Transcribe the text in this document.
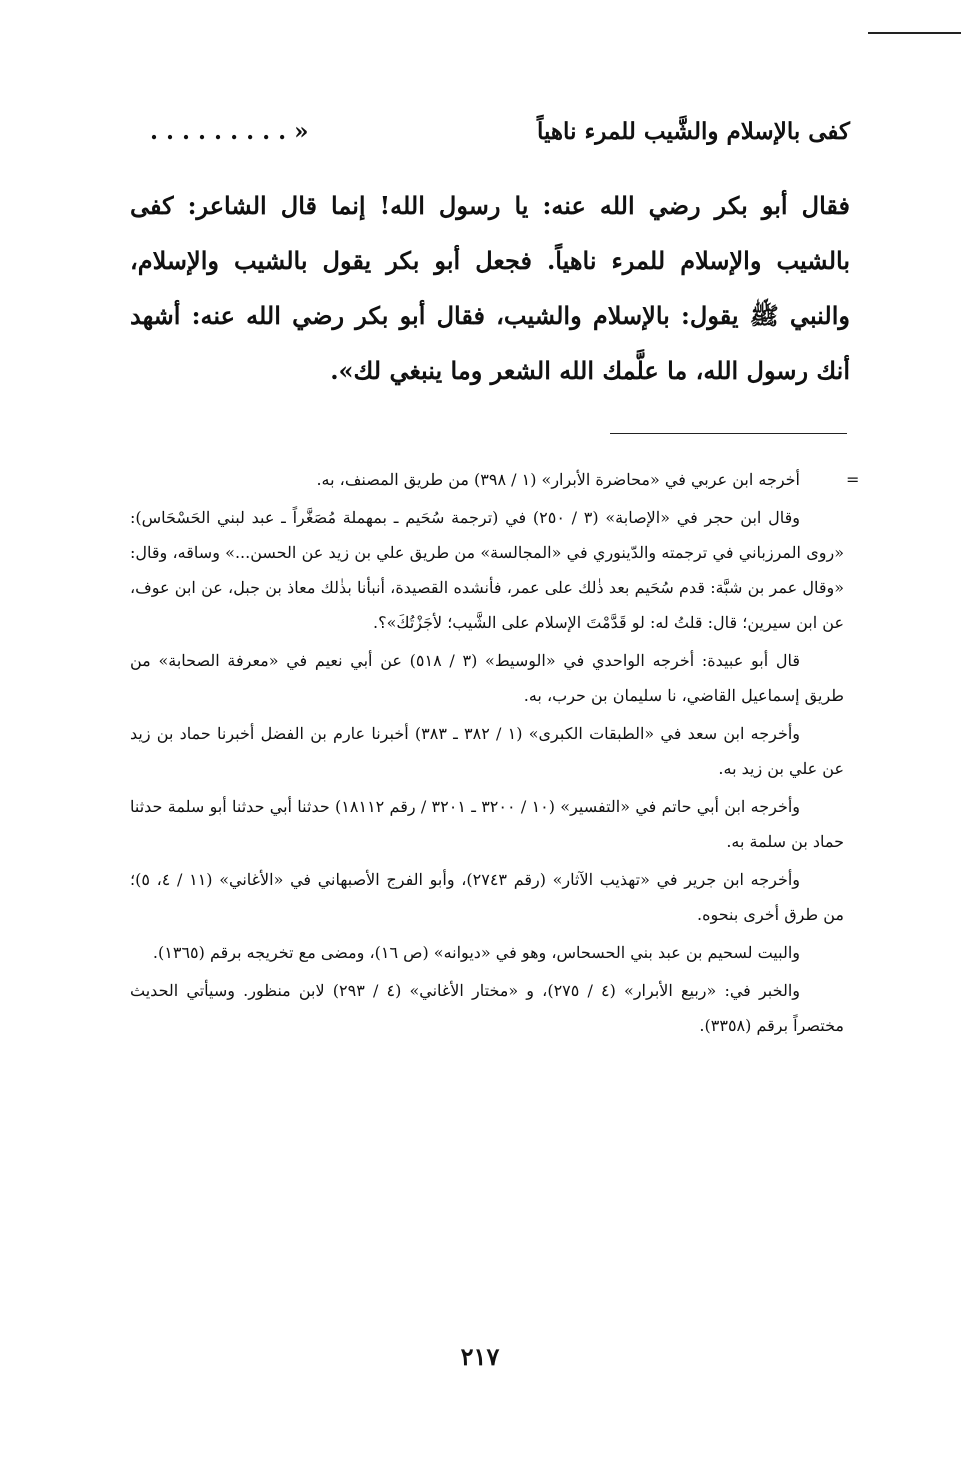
كفى بالإسلام والشَّيب للمرء ناهياً
« . . . . . . . . .
فقال أبو بكر رضي الله عنه: يا رسول الله! إنما قال الشاعر: كفى بالشيب والإسلام للمرء ناهياً. فجعل أبو بكر يقول بالشيب والإسلام، والنبي ﷺ يقول: بالإسلام والشيب، فقال أبو بكر رضي الله عنه: أشهد أنك رسول الله، ما علَّمك الله الشعر وما ينبغي لك».
=

أخرجه ابن عربي في «محاضرة الأبرار» (١ / ٣٩٨) من طريق المصنف، به.

وقال ابن حجر في «الإصابة» (٣ / ٢٥٠) في (ترجمة سُحَيم ـ بمهملة مُصَغَّراً ـ عبد لبني الحَسْحَاس): «روى المرزباني في ترجمته والدّينوري في «المجالسة» من طريق علي بن زيد عن الحسن...» وساقه، وقال: «وقال عمر بن شبَّة: قدم سُحَيم بعد ذٰلك على عمر، فأنشده القصيدة، أنبأنا بذٰلك معاذ بن جبل، عن ابن عوف، عن ابن سيرين؛ قال: قلتُ له: لو قَدَّمْتَ الإسلام على الشَّيب؛ لأجَزْتُكَ»؟.

قال أبو عبيدة: أخرجه الواحدي في «الوسيط» (٣ / ٥١٨) عن أبي نعيم في «معرفة الصحابة» من طريق إسماعيل القاضي، نا سليمان بن حرب، به.

وأخرجه ابن سعد في «الطبقات الكبرى» (١ / ٣٨٢ ـ ٣٨٣) أخبرنا عارم بن الفضل أخبرنا حماد بن زيد عن علي بن زيد به.

وأخرجه ابن أبي حاتم في «التفسير» (١٠ / ٣٢٠٠ ـ ٣٢٠١ / رقم ١٨١١٢) حدثنا أبي حدثنا أبو سلمة حدثنا حماد بن سلمة به.

وأخرجه ابن جرير في «تهذيب الآثار» (رقم ٢٧٤٣)، وأبو الفرج الأصبهاني في «الأغاني» (١١ / ٤، ٥)؛ من طرق أخرى بنحوه.

والبيت لسحيم بن عبد بني الحسحاس، وهو في «ديوانه» (ص ١٦)، ومضى مع تخريجه برقم (١٣٦٥).

والخبر في: «ربيع الأبرار» (٤ / ٢٧٥)، و «مختار الأغاني» (٤ / ٢٩٣) لابن منظور. وسيأتي الحديث مختصراً برقم (٣٣٥٨).

٢١٧
